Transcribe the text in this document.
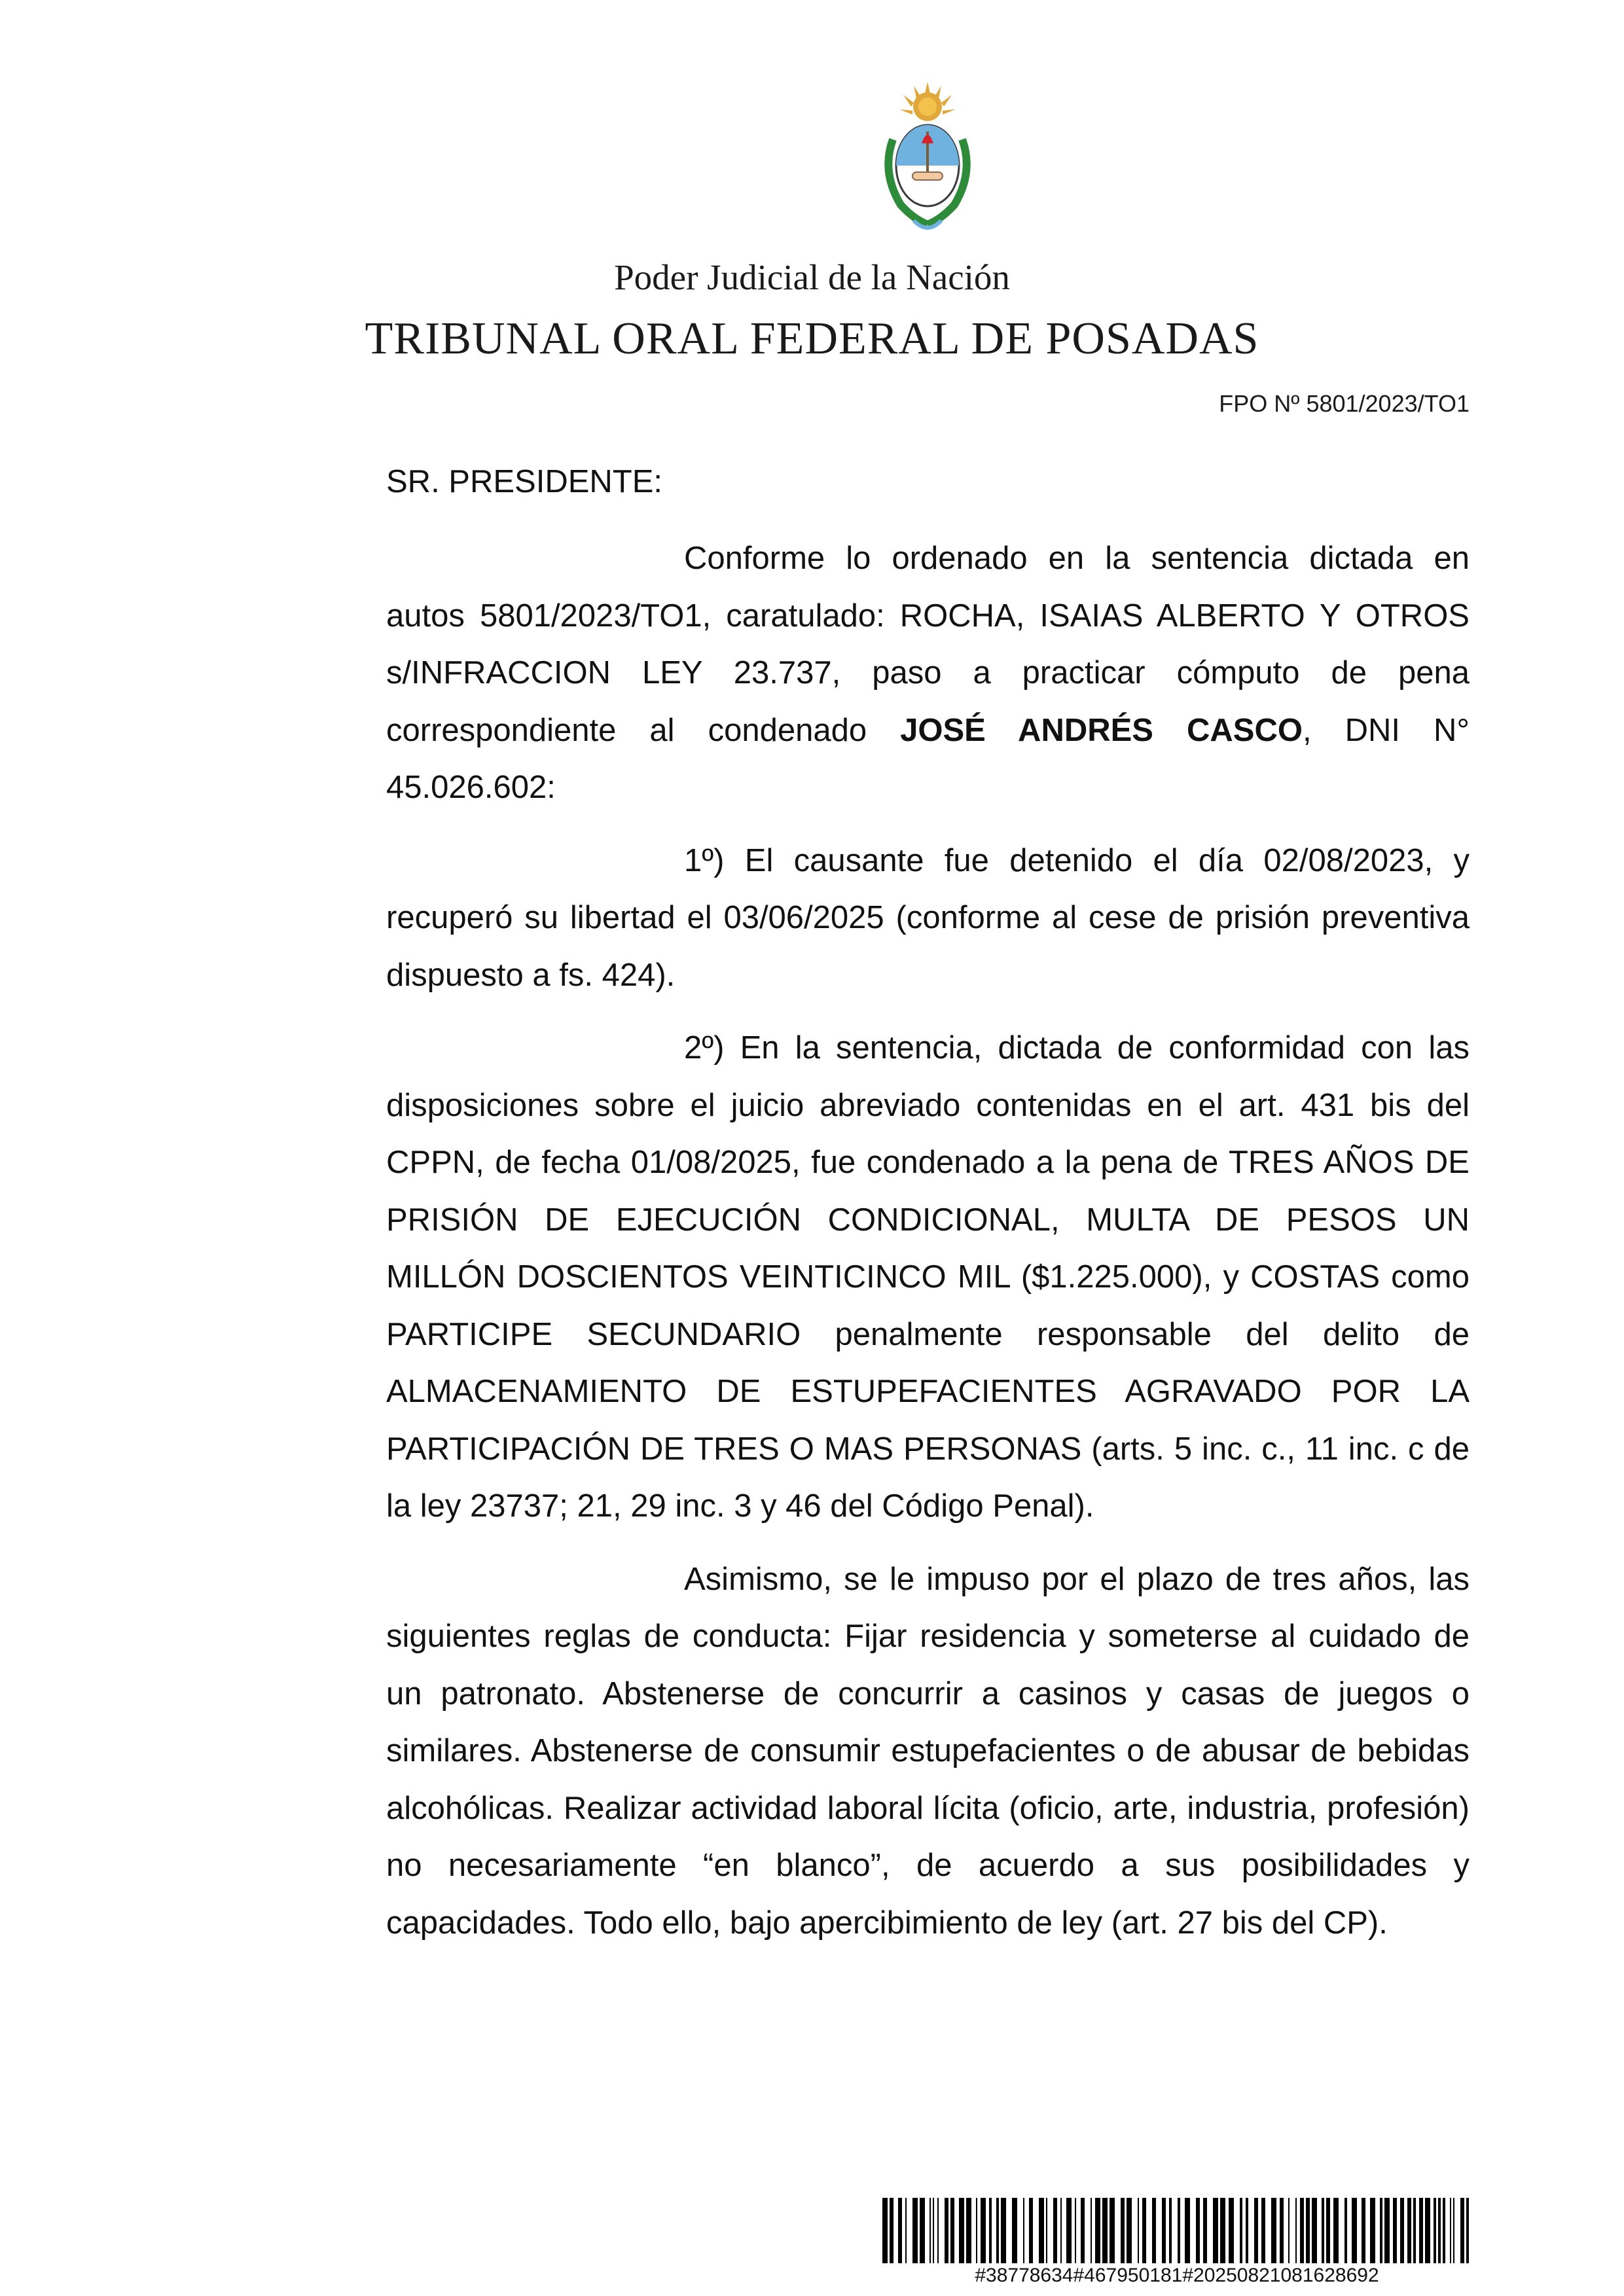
Poder Judicial de la Nación
TRIBUNAL ORAL FEDERAL DE POSADAS
FPO Nº 5801/2023/TO1
SR. PRESIDENTE:

Conforme lo ordenado en la sentencia dictada en autos 5801/2023/TO1, caratulado: ROCHA, ISAIAS ALBERTO Y OTROS s/INFRACCION LEY 23.737, paso a practicar cómputo de pena correspondiente al condenado JOSÉ ANDRÉS CASCO, DNI N° 45.026.602:

1º) El causante fue detenido el día 02/08/2023, y recuperó su libertad el 03/06/2025 (conforme al cese de prisión preventiva dispuesto a fs. 424).

2º) En la sentencia, dictada de conformidad con las disposiciones sobre el juicio abreviado contenidas en el art. 431 bis del CPPN, de fecha 01/08/2025, fue condenado a la pena de TRES AÑOS DE PRISIÓN DE EJECUCIÓN CONDICIONAL, MULTA DE PESOS UN MILLÓN DOSCIENTOS VEINTICINCO MIL ($1.225.000), y COSTAS como PARTICIPE SECUNDARIO penalmente responsable del delito de ALMACENAMIENTO DE ESTUPEFACIENTES AGRAVADO POR LA PARTICIPACIÓN DE TRES O MAS PERSONAS (arts. 5 inc. c., 11 inc. c de la ley 23737; 21, 29 inc. 3 y 46 del Código Penal).

Asimismo, se le impuso por el plazo de tres años, las siguientes reglas de conducta: Fijar residencia y someterse al cuidado de un patronato. Abstenerse de concurrir a casinos y casas de juegos o similares. Abstenerse de consumir estupefacientes o de abusar de bebidas alcohólicas. Realizar actividad laboral lícita (oficio, arte, industria, profesión) no necesariamente “en blanco”, de acuerdo a sus posibilidades y capacidades. Todo ello, bajo apercibimiento de ley (art. 27 bis del CP).

#38778634#467950181#20250821081628692
